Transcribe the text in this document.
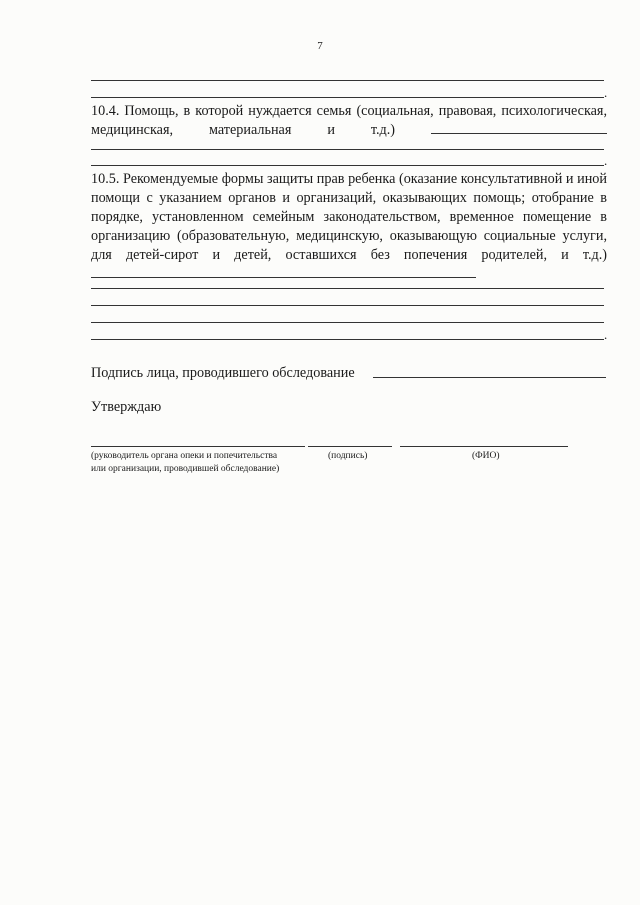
7
.

10.4. Помощь, в которой нуждается семья (социальная, правовая, психологическая, медицинская, материальная и т.д.)

.

10.5. Рекомендуемые формы защиты прав ребенка (оказание консультативной и иной помощи с указанием органов и организаций, оказывающих помощь; отобрание в порядке, установленном семейным законодательством, временное помещение в организацию (образовательную, медицинскую, оказывающую социальные услуги, для детей-сирот и детей, оставшихся без попечения родителей, и т.д.)

.
Подпись лица, проводившего обследование
Утверждаю
(руководитель органа опеки и попечительства или организации, проводившей обследование)
(подпись)	(ФИО)
